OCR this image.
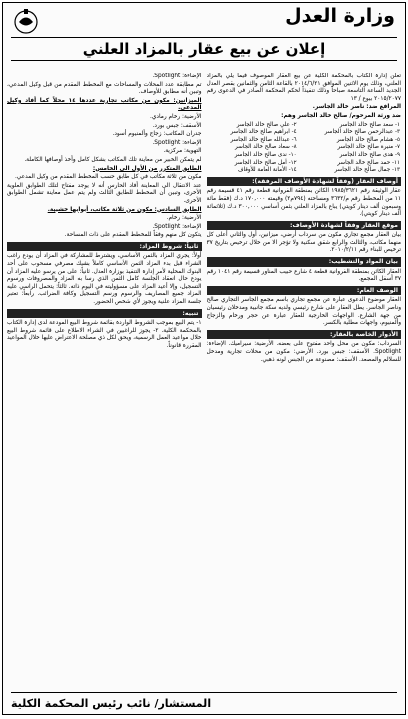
وزارة العدل
إعلان عن بيع عقار بالمزاد العلني

تعلن إدارة الكتاب بالمحكمة الكلية عن بيع العقار الموصوف فيما يلي بالمزاد العلني، وذلك يوم الاثنين الموافق ٢٠١٤/٦/٢١ بالقاعة الثامن والثمانين بقصر العدل الجديد الساعة التاسعة صباحاً وذلك تنفيذاً لحكم المحكمة الصادر في الدعوى رقم ٢٠١٥/٢٠٧٧ بيوع / ١٣

المرافع ضد: ناصر خالد الجاسر.

ضد ورثة المرحوم/ صالح خالد الجاسر وهم:

١- سعد صالح خالد الجاسر	٢- علي صالح خالد الجاسر
٣- عبدالرحمن صالح خالد الجاسر	٤- ابراهيم صالح خالد الجاسر
٥- هشام صالح خالد الجاسر	٦- عبدالله صالح خالد الجاسر
٧- منيرة صالح خالد الجاسر	٨- سعاد صالح خالد الجاسر
٩- هدى صالح خالد الجاسر	١٠- ندى صالح خالد الجاسر
١١- حمد صالح خالد الجاسر	١٢- أمل صالح خالد الجاسر
١٣- جمال صالح خالد الجاسر	١٤- الأمانة العامة للأوقاف
أوصاف العقار (وفقاً لشهادة الأوصاف المرفقة):

عقار الوثيقة رقم ١٩٨٥/٣٦٢١ الكائن بمنطقة الفروانية قطعة رقم ٤١ قسيمة رقم ١١ من المخطط رقم م/٣٦٣٢ ومساحته (٧٩٤م٢) وقيمته ١٧٠,٠٠٠ د.ك (فقط مائة وسبعون ألف دينار كويتي) يباع بالمزاد العلني بثمن أساسي ٣٠٠,٠٠٠ د.ك (ثلاثمائة ألف دينار كويتي).

موقع العقار وفقاً لشهادة الأوصاف:

بيان العقار مجمع تجاري مكون من سرداب أرضي، ميزانين، أول والثاني أعلى كل منهما مكاتب، والثالث والرابع شقق سكنية ولا تؤجر الا من خلال ترخيص بتاريخ ٣٧ ترخيص للبناء رقم ٢٠١٠/٢/١١.

بيان المواد والتشطيب:

العقار الكائن بمنطقة الفروانية قطعة ٤ شارع حبيب المناور قسيمة رقم ١٠٤١ رقم ٣٧ أسفل المجمع.

الوصف العام:

العقار موضوع الدعوى عبارة عن مجمع تجاري باسم مجمع الجاسر التجاري صالح وناصر الجاسر. يطل العقار على شارع رئيسي ولديه سكة جانبية ومدخلان رئيسيان من جهة الشارع. الواجهات الخارجية للعقار عبارة عن حجر ورخام والزجاج وألمنيوم، واجهات مطلية بالكسر.

الأدوار الخاصة بالعقار:

السرداب: مكون من محل واحد مفتوح على بعضه. الأرضية: سيراميك. الإضاءة: Spotlight. الأسقف: جبس بورد. الأرضي: مكون من محلات تجارية ومدخل للسلالم والمصعد. الأسقف: مصنوعة من الجبس لونه ذهبي.

الإضاءة: Spotlight.

تم مطابقة عدد المحلات والمساحات مع المخطط المقدم من قبل وكيل المدعي، وتبين أنه مطابق للأوصاف.

الميزانين: مكون من مكاتب تجارية عددها ١٤ محلاً كما أفاد وكيل المدعي.

الأرضية: رخام رمادي.

الأسقف: جبس بورد.

جدران المكاتب: زجاج وألمنيوم أسود.

الإضاءة: Spotlight.

التهوية: مركزية.

لم يتمكن الخبير من معاينة تلك المكاتب بشكل كامل وأخذ أوصافها الكاملة.

الطابق المتكرر من الأول الى الخامس:

مكون من ثلاثة مكاتب في كل طابق حسب المخطط المقدم من وكيل المدعي.

عند الانتقال الى المعاينة أفاد الحارس أنه لا يوجد مفتاح لتلك الطوابق العلوية الأخرى، وتبين أن المخطط للطابق الثالث ولم يتم عمل معاينة تشمل الطوابق الأخرى.

الطابق السادس: مكون من ثلاثة مكاتب، أبوابها خشبية.

الأرضية: رخام.

الإضاءة: Spotlight.

يتكون كل منهم وفقاً للمخطط المقدم على ذات المساحة.

ثانياً: شروط المزاد:

أولاً: يجري المزاد بالثمن الأساسي، ويشترط للمشاركة في المزاد أن يودع راغب الشراء قبل بدء المزاد الثمن الأساسي كاملاً بشيك مصرفي مسحوب على أحد البنوك المحلية لأمر إدارة التنفيذ بوزارة العدل. ثانياً: على من يرسو عليه المزاد أن يودع حال انعقاد الجلسة كامل الثمن الذي رسا به المزاد والمصروفات ورسوم التسجيل، وإلا أعيد المزاد على مسؤوليته في اليوم ذاته. ثالثاً: يتحمل الراسي عليه المزاد جميع المصاريف والرسوم ورسم التسجيل وكافة الضرائب. رابعاً: تعتبر جلسة المزاد علنية ويجوز لأي شخص الحضور.

تنبيه:

١- يتم البيع بموجب الشروط الواردة بقائمة شروط البيع المودعة لدى إدارة الكتاب بالمحكمة الكلية. ٢- يجوز للراغبين في الشراء الاطلاع على قائمة شروط البيع خلال مواعيد العمل الرسمية، ويحق لكل ذي مصلحة الاعتراض عليها خلال المواعيد المقررة قانوناً.

المستشار/ نائب رئيس المحكمة الكلية
